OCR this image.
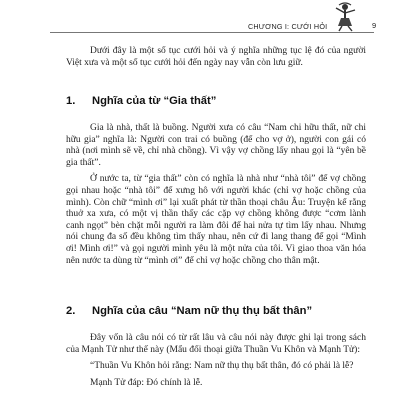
CHƯƠNG I: CƯỚI HỎI	9

Dưới đây là một số tục cưới hỏi và ý nghĩa những tục lệ đó của người Việt xưa và một số tục cưới hỏi đến ngày nay vẫn còn lưu giữ.

1. Nghĩa của từ “Gia thất”

Gia là nhà, thất là buồng. Người xưa có câu “Nam chi hữu thất, nữ chi hữu gia” nghĩa là: Người con trai có buồng (để cho vợ ở), người con gái có nhà (nơi mình sẽ về, chỉ nhà chồng). Vì vậy vợ chồng lấy nhau gọi là “yên bề gia thất”.

Ở nước ta, từ “gia thất” còn có nghĩa là nhà như “nhà tôi” để vợ chồng gọi nhau hoặc “nhà tôi” để xưng hô với người khác (chỉ vợ hoặc chồng của mình). Còn chữ “mình ơi” lại xuất phát từ thần thoại châu Âu: Truyện kể rằng thuở xa xưa, có một vị thần thấy các cặp vợ chồng không được “cơm lành canh ngọt” bèn chặt mỗi người ra làm đôi để hai nửa tự tìm lấy nhau. Nhưng nói chung đa số đều không tìm thấy nhau, nên cứ đi lang thang để gọi “Mình ơi! Mình ơi!” và gọi người mình yêu là một nửa của tôi. Vì giao thoa văn hóa nên nước ta dùng từ “mình ơi” để chỉ vợ hoặc chồng cho thân mật.

2. Nghĩa của câu “Nam nữ thụ thụ bất thân”

Đây vốn là câu nói có từ rất lâu và câu nói này được ghi lại trong sách của Mạnh Tử như thế này (Mẩu đối thoại giữa Thuần Vu Khôn và Mạnh Tử):

“Thuần Vu Khôn hỏi rằng: Nam nữ thụ thụ bất thân, đó có phải là lễ?

Mạnh Tử đáp: Đó chính là lễ.
